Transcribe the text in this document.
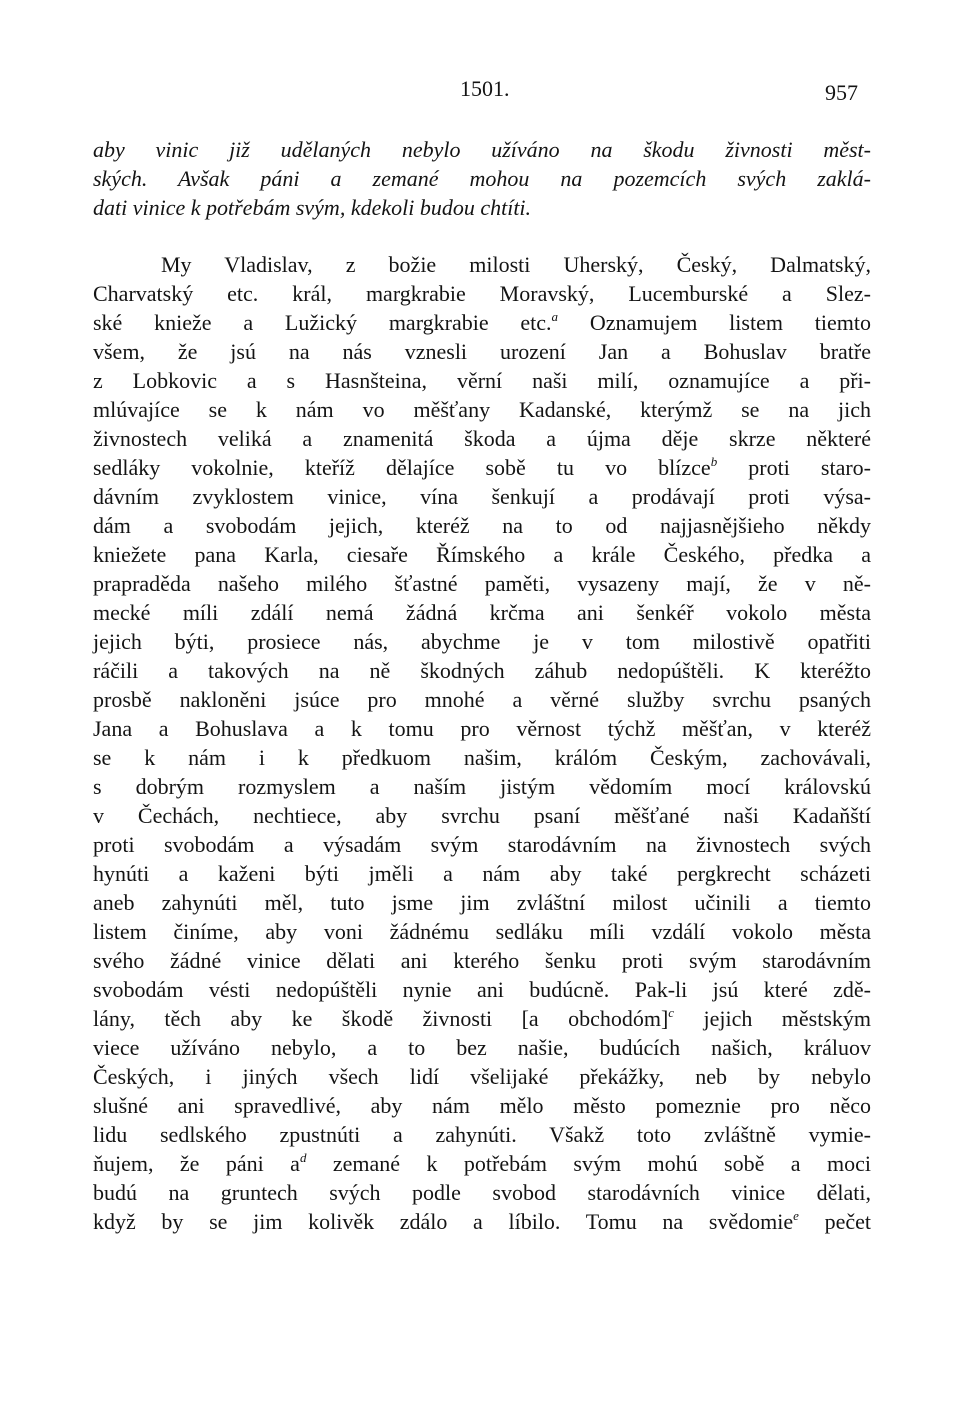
1501.	957
aby vinic již udělaných nebylo užíváno na škodu živnosti měst-
ských. Avšak páni a zemané mohou na pozemcích svých zaklá-
dati vinice k potřebám svým, kdekoli budou chtíti.
My Vladislav, z božie milosti Uherský, Český, Dalmatský,
Charvatský etc. král, margkrabie Moravský, Lucemburské a Slez-
ské knieže a Lužický margkrabie etc.$^a$ Oznamujem listem tiemto
všem, že jsú na nás vznesli urození Jan a Bohuslav bratře
z Lobkovic a s Hasnšteina, věrní naši milí, oznamujíce a při-
mlúvajíce se k nám vo měšťany Kadanské, kterýmž se na jich
živnostech veliká a znamenitá škoda a újma děje skrze některé
sedláky vokolnie, kteříž dělajíce sobě tu vo blízce$^b$ proti staro-
dávním zvyklostem vinice, vína šenkují a prodávají proti výsa-
dám a svobodám jejich, kteréž na to od najjasnějšieho někdy
kniežete pana Karla, ciesaře Římského a krále Českého, předka a
prapraděda našeho milého šťastné paměti, vysazeny mají, že v ně-
mecké míli zdálí nemá žádná krčma ani šenkéř vokolo města
jejich býti, prosiece nás, abychme je v tom milostivě opatřiti
ráčili a takových na ně škodných záhub nedopúštěli. K kteréžto
prosbě nakloněni jsúce pro mnohé a věrné služby svrchu psaných
Jana a Bohuslava a k tomu pro věrnost týchž měšťan, v kteréž
se k nám i k předkuom našim, králóm Českým, zachovávali,
s dobrým rozmyslem a naším jistým vědomím mocí královskú
v Čechách, nechtiece, aby svrchu psaní měšťané naši Kadaňští
proti svobodám a výsadám svým starodávním na živnostech svých
hynúti a kaženi býti jměli a nám aby také pergkrecht scházeti
aneb zahynúti měl, tuto jsme jim zvláštní milost učinili a tiemto
listem činíme, aby voni žádnému sedláku míli vzdálí vokolo města
svého žádné vinice dělati ani kterého šenku proti svým starodávním
svobodám vésti nedopúštěli nynie ani budúcně. Pak-li jsú které zdě-
lány, těch aby ke škodě živnosti [a obchodóm]$^c$ jejich městským
viece užíváno nebylo, a to bez našie, budúcích našich, králuov
Českých, i jiných všech lidí všelijaké překážky, neb by nebylo
slušné ani spravedlivé, aby nám mělo město pomeznie pro něco
lidu sedlského zpustnúti a zahynúti. Všakž toto zvláštně vymie-
ňujem, že páni $a^d$ zemané k potřebám svým mohú sobě a moci
budú na gruntech svých podle svobod starodávních vinice dělati,
když by se jim kolivěk zdálo a líbilo. Tomu na svědomie$^e$ pečet
